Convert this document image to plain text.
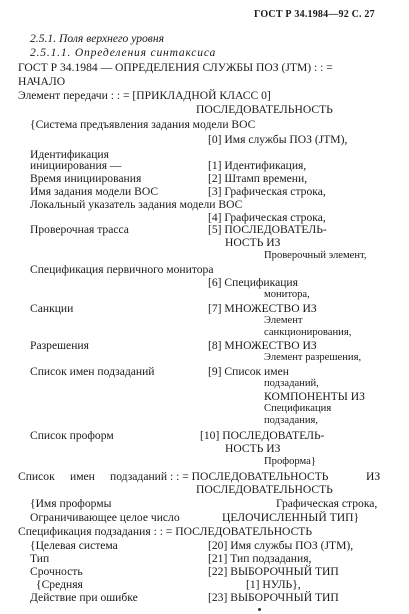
ГОСТ Р 34.1984—92 С. 27
2.5.1. Поля верхнего уровня
2.5.1.1. Определения синтаксиса
ГОСТ Р 34.1984 — ОПРЕДЕЛЕНИЯ СЛУЖБЫ ПОЗ (JTM) : : =
НАЧАЛО
Элемент передачи : : = [ПРИКЛАДНОЙ КЛАСС 0]
ПОСЛЕДОВАТЕЛЬНОСТЬ
{Система предъявления задания модели ВОС
[0] Имя службы ПОЗ (JTM),
Идентификация
инициирования —	[1] Идентификация,
Время инициирования	[2] Штамп времени,
Имя задания модели ВОС	[3] Графическая строка,
Локальный указатель задания модели ВОС
[4] Графическая строка,
Проверочная трасса	[5] ПОСЛЕДОВАТЕЛЬ-
НОСТЬ ИЗ
Проверочный элемент,
Спецификация первичного монитора
[6] Спецификация
монитора,
Санкции	[7] МНОЖЕСТВО ИЗ
Элемент
санкционирования,
Разрешения	[8] МНОЖЕСТВО ИЗ
Элемент разрешения,
Список имен подзаданий	[9] Список имен
подзаданий,
КОМПОНЕНТЫ ИЗ
Спецификация
подзадания,
Список проформ	[10] ПОСЛЕДОВАТЕЛЬ-
НОСТЬ ИЗ
Проформа}
Список имен подзаданий : : = ПОСЛЕДОВАТЕЛЬНОСТЬ	ИЗ
ПОСЛЕДОВАТЕЛЬНОСТЬ
{Имя проформы	Графическая строка,
Ограничивающее целое число	ЦЕЛОЧИСЛЕННЫЙ ТИП}
Спецификация подзадания : : = ПОСЛЕДОВАТЕЛЬНОСТЬ
{Целевая система	[20] Имя службы ПОЗ (JTM),
Тип	[21] Тип подзадания,
Срочность	[22] ВЫБОРОЧНЫЙ ТИП
{Средняя	[1] НУЛЬ},
Действие при ошибке	[23] ВЫБОРОЧНЫЙ ТИП
